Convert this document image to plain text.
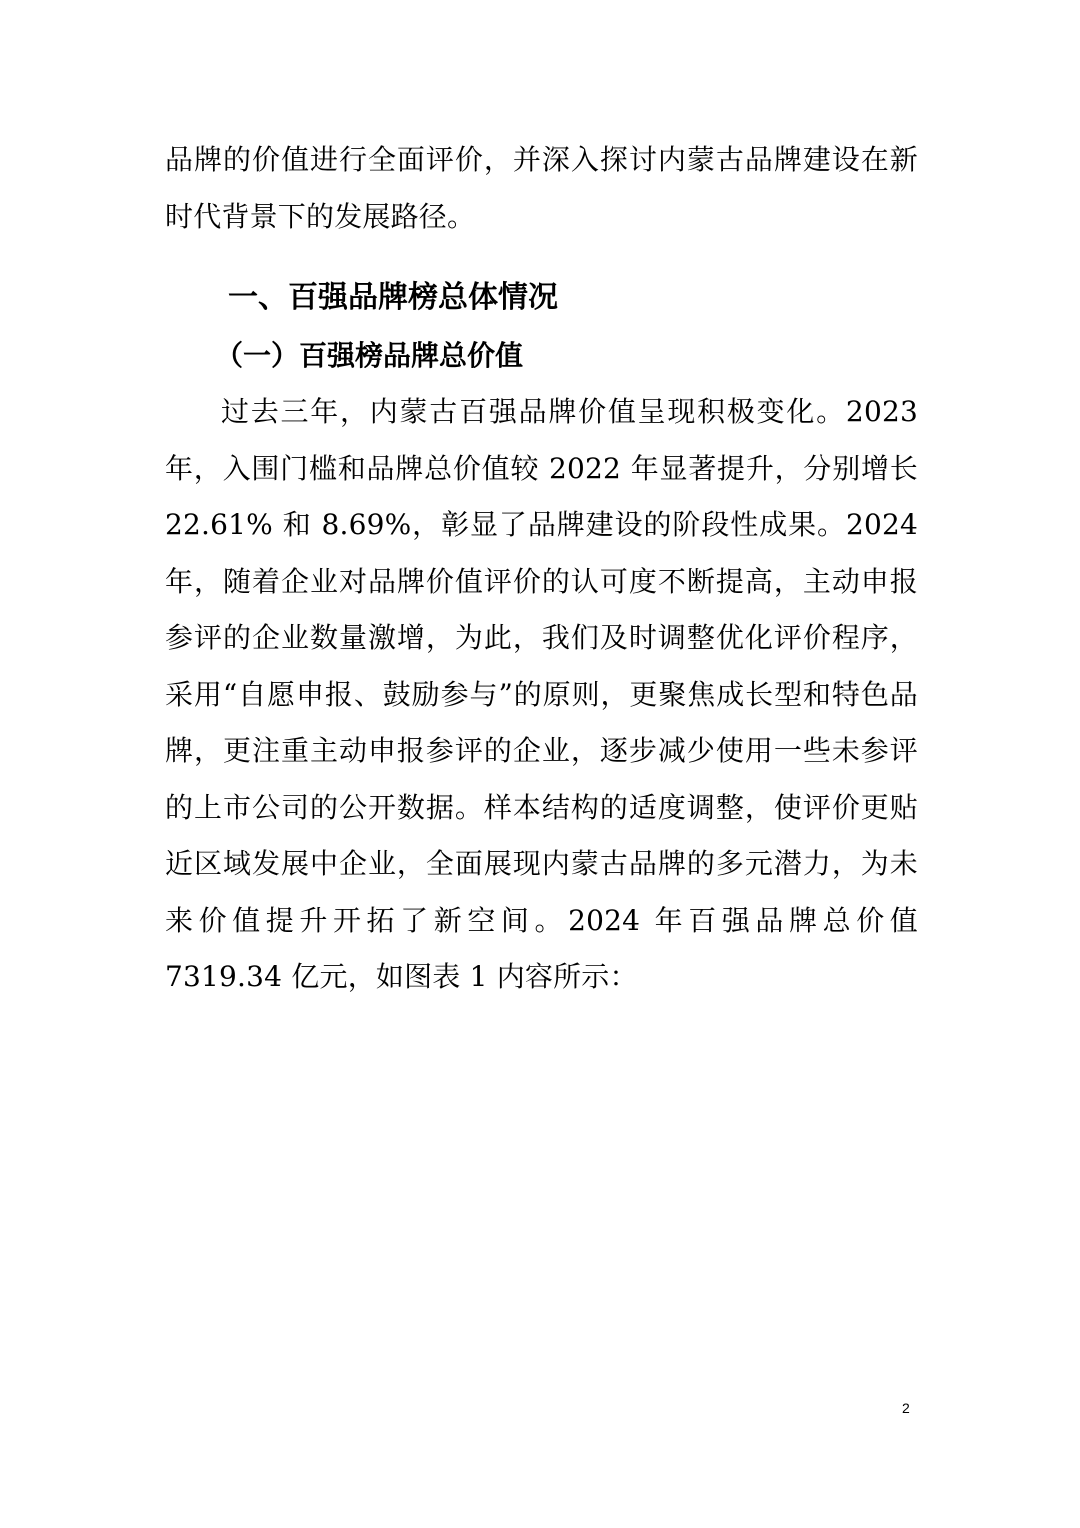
品牌的价值进行全面评价，并深入探讨内蒙古品牌建设在新时代背景下的发展路径。

一、百强品牌榜总体情况
（一）百强榜品牌总价值

过去三年，内蒙古百强品牌价值呈现积极变化。2023 年，入围门槛和品牌总价值较 2022 年显著提升，分别增长 22.61% 和 8.69%，彰显了品牌建设的阶段性成果。2024 年，随着企业对品牌价值评价的认可度不断提高，主动申报参评的企业数量激增，为此，我们及时调整优化评价程序，采用“自愿申报、鼓励参与”的原则，更聚焦成长型和特色品牌，更注重主动申报参评的企业，逐步减少使用一些未参评的上市公司的公开数据。样本结构的适度调整，使评价更贴近区域发展中企业，全面展现内蒙古品牌的多元潜力，为未来价值提升开拓了新空间。2024 年百强品牌总价值 7319.34 亿元，如图表 1 内容所示：

2
